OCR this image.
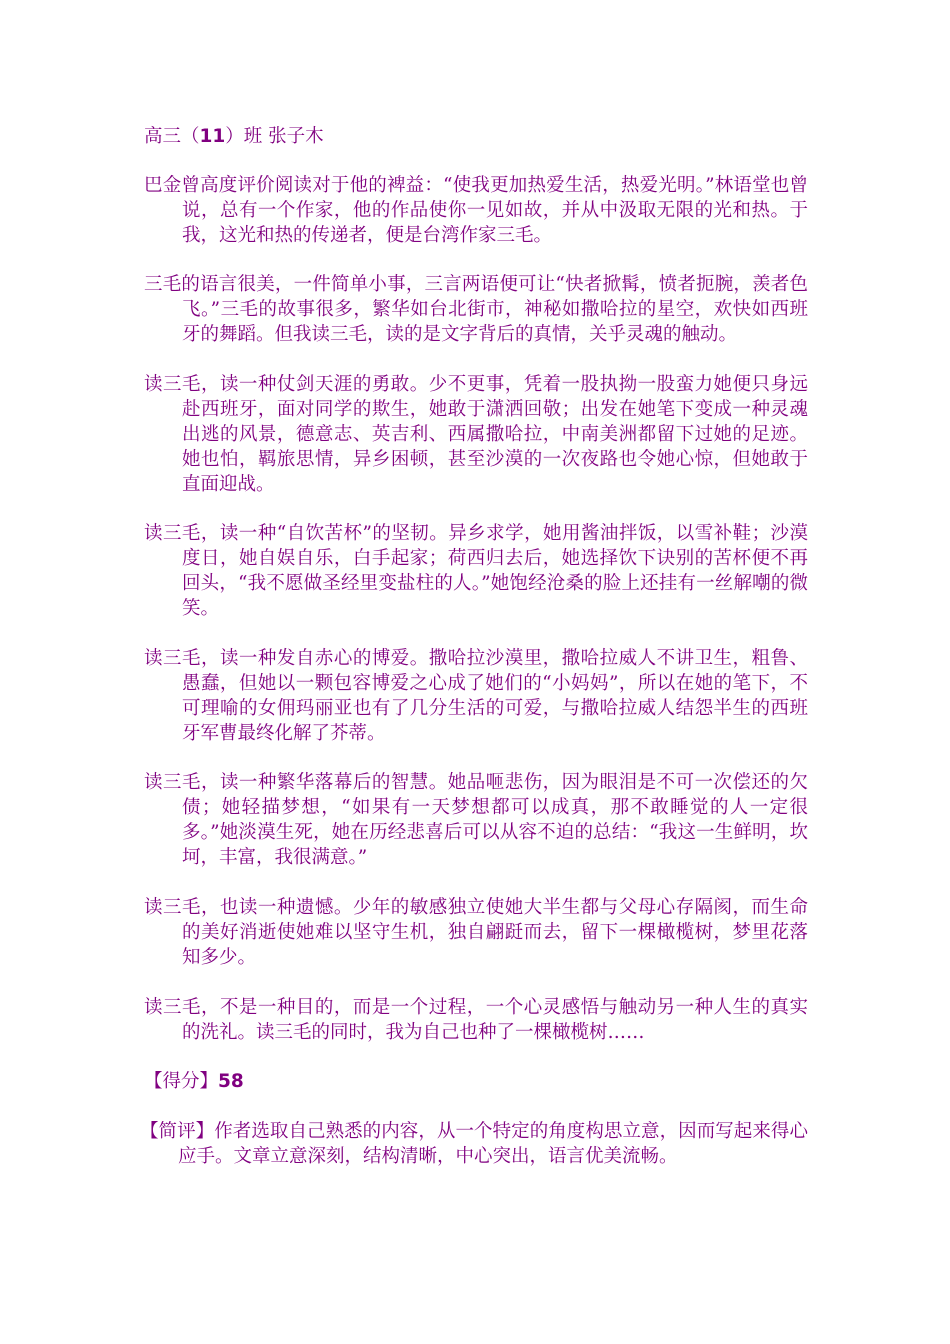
高三（11）班 张子木
巴金曾高度评价阅读对于他的裨益：“使我更加热爱生活，热爱光明。”林语堂也曾说，总有一个作家，他的作品使你一见如故，并从中汲取无限的光和热。于我，这光和热的传递者，便是台湾作家三毛。
三毛的语言很美，一件简单小事，三言两语便可让“快者掀髯，愤者扼腕，羡者色飞。”三毛的故事很多，繁华如台北街市，神秘如撒哈拉的星空，欢快如西班牙的舞蹈。但我读三毛，读的是文字背后的真情，关乎灵魂的触动。
读三毛，读一种仗剑天涯的勇敢。少不更事，凭着一股执拗一股蛮力她便只身远赴西班牙，面对同学的欺生，她敢于潇洒回敬；出发在她笔下变成一种灵魂出逃的风景，德意志、英吉利、西属撒哈拉，中南美洲都留下过她的足迹。她也怕，羁旅思情，异乡困顿，甚至沙漠的一次夜路也令她心惊，但她敢于直面迎战。
读三毛，读一种“自饮苦杯”的坚韧。异乡求学，她用酱油拌饭，以雪补鞋；沙漠度日，她自娱自乐，白手起家；荷西归去后，她选择饮下诀别的苦杯便不再回头，“我不愿做圣经里变盐柱的人。”她饱经沧桑的脸上还挂有一丝解嘲的微笑。
读三毛，读一种发自赤心的博爱。撒哈拉沙漠里，撒哈拉威人不讲卫生，粗鲁、愚蠢，但她以一颗包容博爱之心成了她们的“小妈妈”，所以在她的笔下，不可理喻的女佣玛丽亚也有了几分生活的可爱，与撒哈拉威人结怨半生的西班牙军曹最终化解了芥蒂。
读三毛，读一种繁华落幕后的智慧。她品咂悲伤，因为眼泪是不可一次偿还的欠债；她轻描梦想，“如果有一天梦想都可以成真，那不敢睡觉的人一定很多。”她淡漠生死，她在历经悲喜后可以从容不迫的总结：“我这一生鲜明，坎坷，丰富，我很满意。”
读三毛，也读一种遗憾。少年的敏感独立使她大半生都与父母心存隔阂，而生命的美好消逝使她难以坚守生机，独自翩跹而去，留下一棵橄榄树，梦里花落知多少。
读三毛，不是一种目的，而是一个过程，一个心灵感悟与触动另一种人生的真实的洗礼。读三毛的同时，我为自己也种了一棵橄榄树……
【得分】58
【简评】作者选取自己熟悉的内容，从一个特定的角度构思立意，因而写起来得心应手。文章立意深刻，结构清晰，中心突出，语言优美流畅。
